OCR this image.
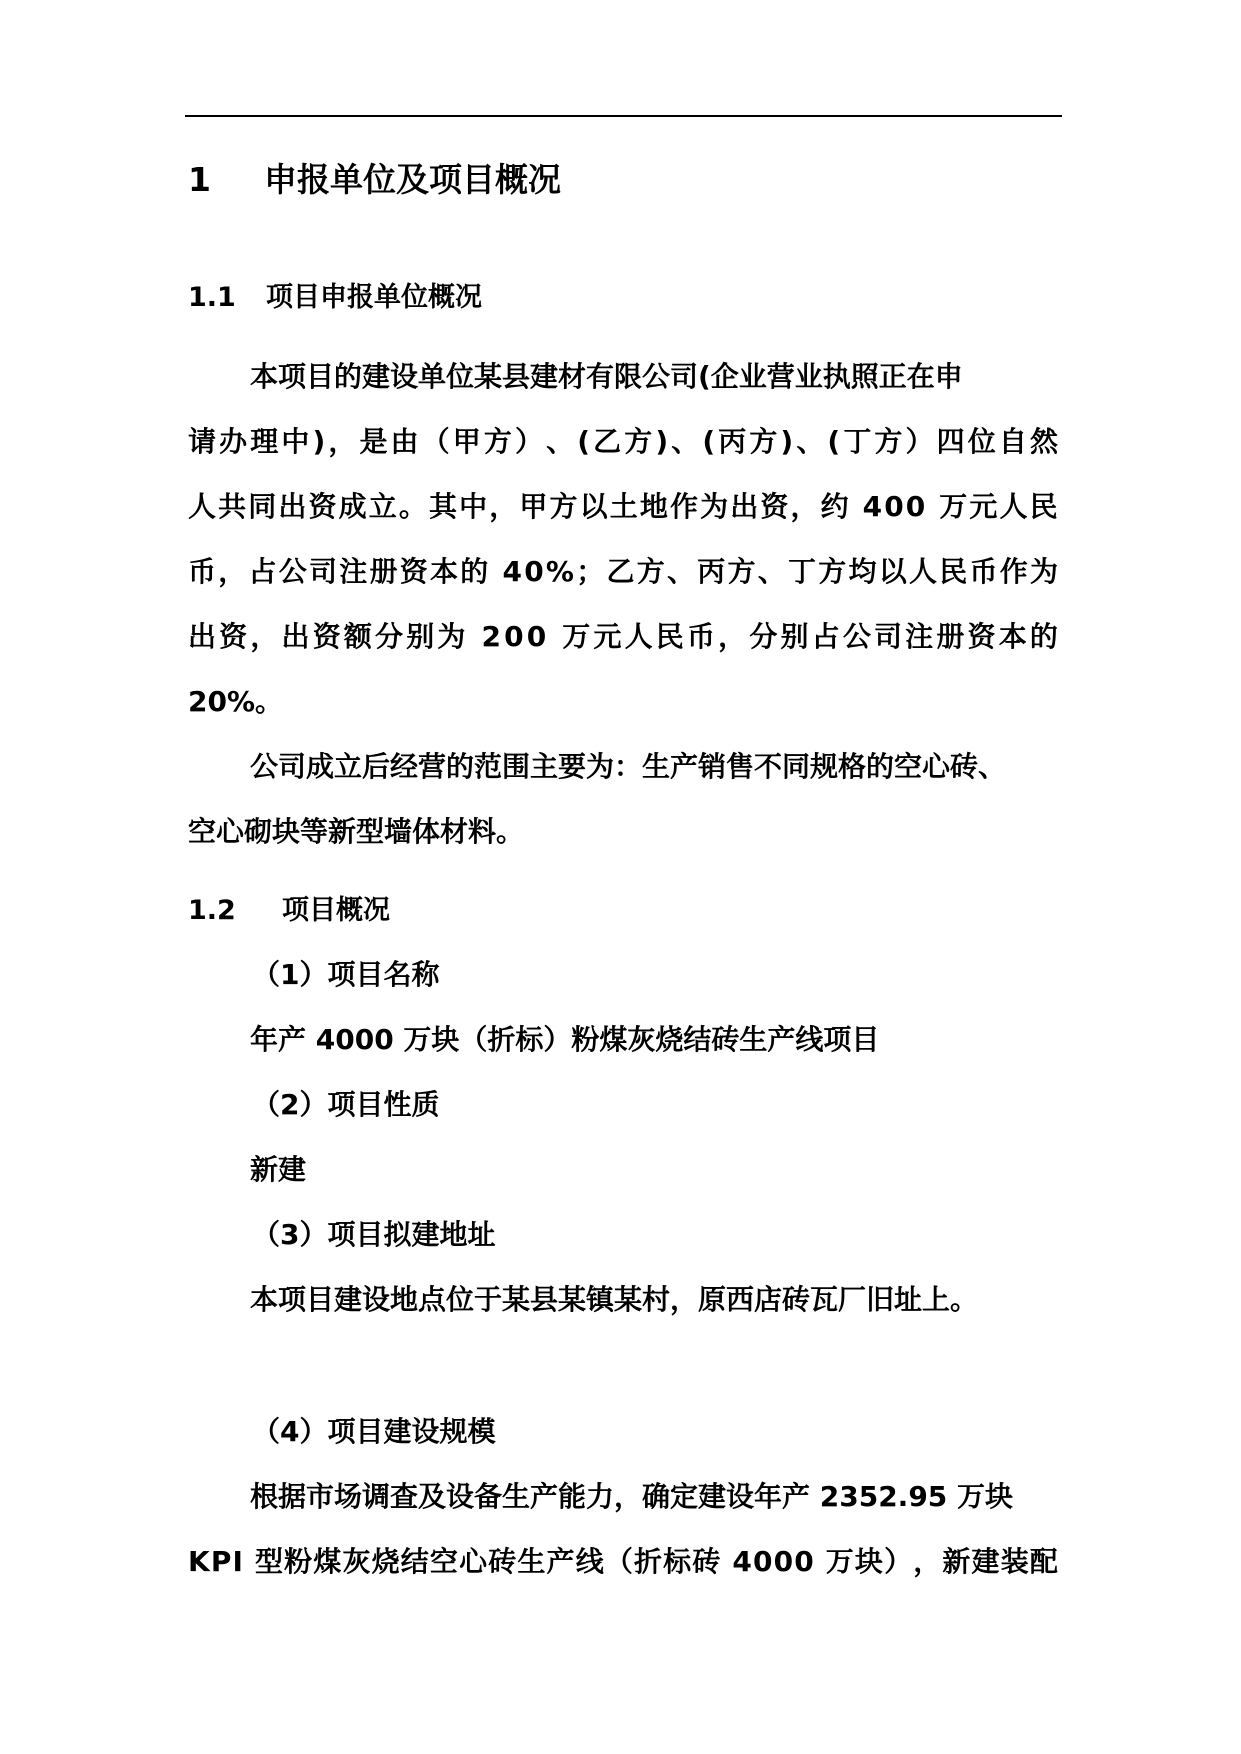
1 申报单位及项目概况
1.1 项目申报单位概况
本项目的建设单位某县建材有限公司(企业营业执照正在申
请 办 理 中 ) ， 是 由 （ 甲 方 ） 、 ( 乙 方 ) 、 ( 丙 方 ) 、 ( 丁 方 ） 四 位 自 然
人 共 同 出 资 成 立 。 其 中 ， 甲 方 以 土 地 作 为 出 资 ， 约
4 0 0
万 元 人 民
币 ， 占 公 司 注 册 资 本 的
4 0 % ； 乙 方 、 丙 方 、 丁 方 均 以 人 民 币 作 为
出 资 ， 出 资 额 分 别 为
2 0 0
万 元 人 民 币 ， 分 别 占 公 司 注 册 资 本 的
20%。
公司成立后经营的范围主要为：生产销售不同规格的空心砖、
空心砌块等新型墙体材料。
1.2 项目概况
（1）项目名称
年产 4000 万块（折标）粉煤灰烧结砖生产线项目
（2）项目性质
新建
（3）项目拟建地址
本项目建设地点位于某县某镇某村，原西店砖瓦厂旧址上。
（4）项目建设规模
根据市场调查及设备生产能力，确定建设年产 2352.95 万块
K P I
型 粉 煤 灰 烧 结 空 心 砖 生 产 线 （ 折 标 砖
4 0 0 0
万 块 ） ， 新 建 装 配
